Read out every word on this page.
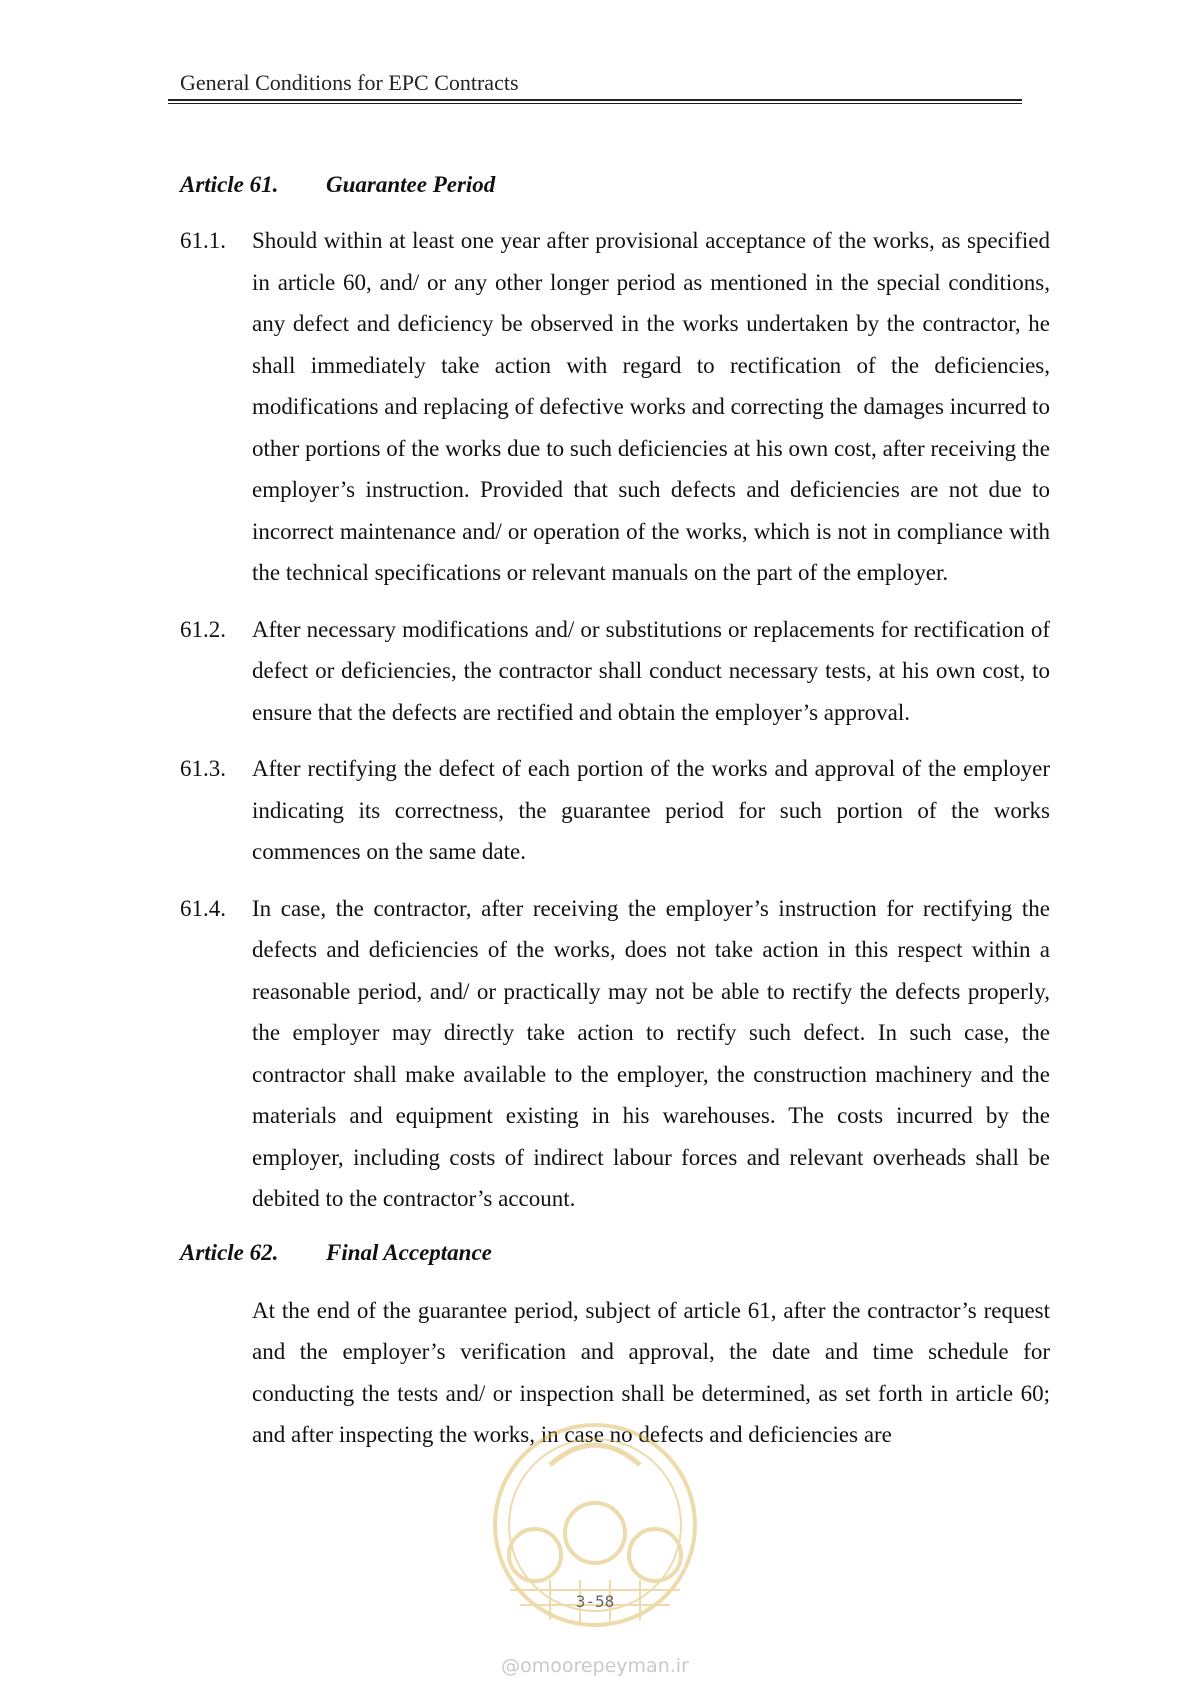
General Conditions for EPC Contracts
Article 61. Guarantee Period
61.1. Should within at least one year after provisional acceptance of the works, as specified in article 60, and/ or any other longer period as mentioned in the special conditions, any defect and deficiency be observed in the works undertaken by the contractor, he shall immediately take action with regard to rectification of the deficiencies, modifications and replacing of defective works and correcting the damages incurred to other portions of the works due to such deficiencies at his own cost, after receiving the employer’s instruction. Provided that such defects and deficiencies are not due to incorrect maintenance and/ or operation of the works, which is not in compliance with the technical specifications or relevant manuals on the part of the employer.

61.2. After necessary modifications and/ or substitutions or replacements for rectification of defect or deficiencies, the contractor shall conduct necessary tests, at his own cost, to ensure that the defects are rectified and obtain the employer’s approval.

61.3. After rectifying the defect of each portion of the works and approval of the employer indicating its correctness, the guarantee period for such portion of the works commences on the same date.

61.4. In case, the contractor, after receiving the employer’s instruction for rectifying the defects and deficiencies of the works, does not take action in this respect within a reasonable period, and/ or practically may not be able to rectify the defects properly, the employer may directly take action to rectify such defect. In such case, the contractor shall make available to the employer, the construction machinery and the materials and equipment existing in his warehouses. The costs incurred by the employer, including costs of indirect labour forces and relevant overheads shall be debited to the contractor’s account.

Article 62. Final Acceptance

At the end of the guarantee period, subject of article 61, after the contractor’s request and the employer’s verification and approval, the date and time schedule for conducting the tests and/ or inspection shall be determined, as set forth in article 60; and after inspecting the works, in case no defects and deficiencies are

3-58
@omoorepeyman.ir
